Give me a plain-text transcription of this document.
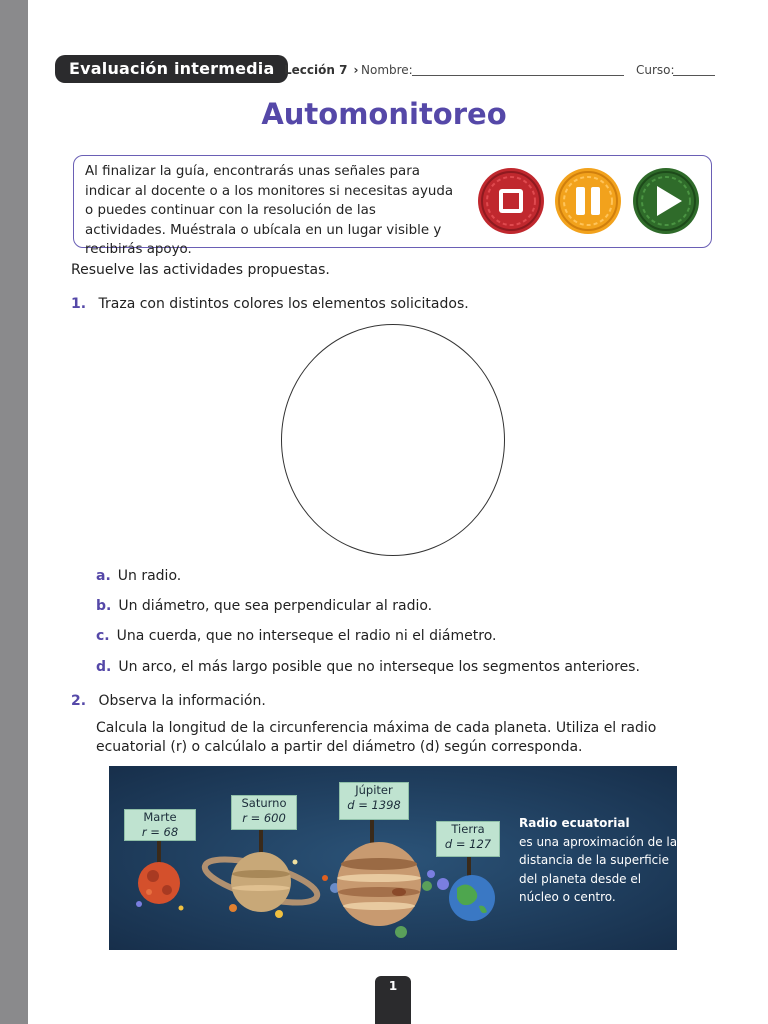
Evaluación intermedia Lección 7 › Nombre:	Curso:
Automonitoreo

Al finalizar la guía, encontrarás unas señales para indicar al docente o a los monitores si necesitas ayuda o puedes continuar con la resolución de las actividades. Muéstrala o ubícala en un lugar visible y recibirás apoyo.

Resuelve las actividades propuestas.
1. Traza con distintos colores los elementos solicitados.
a. Un radio.
b. Un diámetro, que sea perpendicular al radio.
c. Una cuerda, que no interseque el radio ni el diámetro.
d. Un arco, el más largo posible que no interseque los segmentos anteriores.
2. Observa la información.
Calcula la longitud de la circunferencia máxima de cada planeta. Utiliza el radio ecuatorial (r) o calcúlalo a partir del diámetro (d) según corresponda.
Marte
r = 68
Saturno
r = 600
Júpiter
d = 1398
Tierra
d = 127
Radio ecuatorial
es una aproximación de la distancia de la superficie del planeta desde el núcleo o centro.
1
